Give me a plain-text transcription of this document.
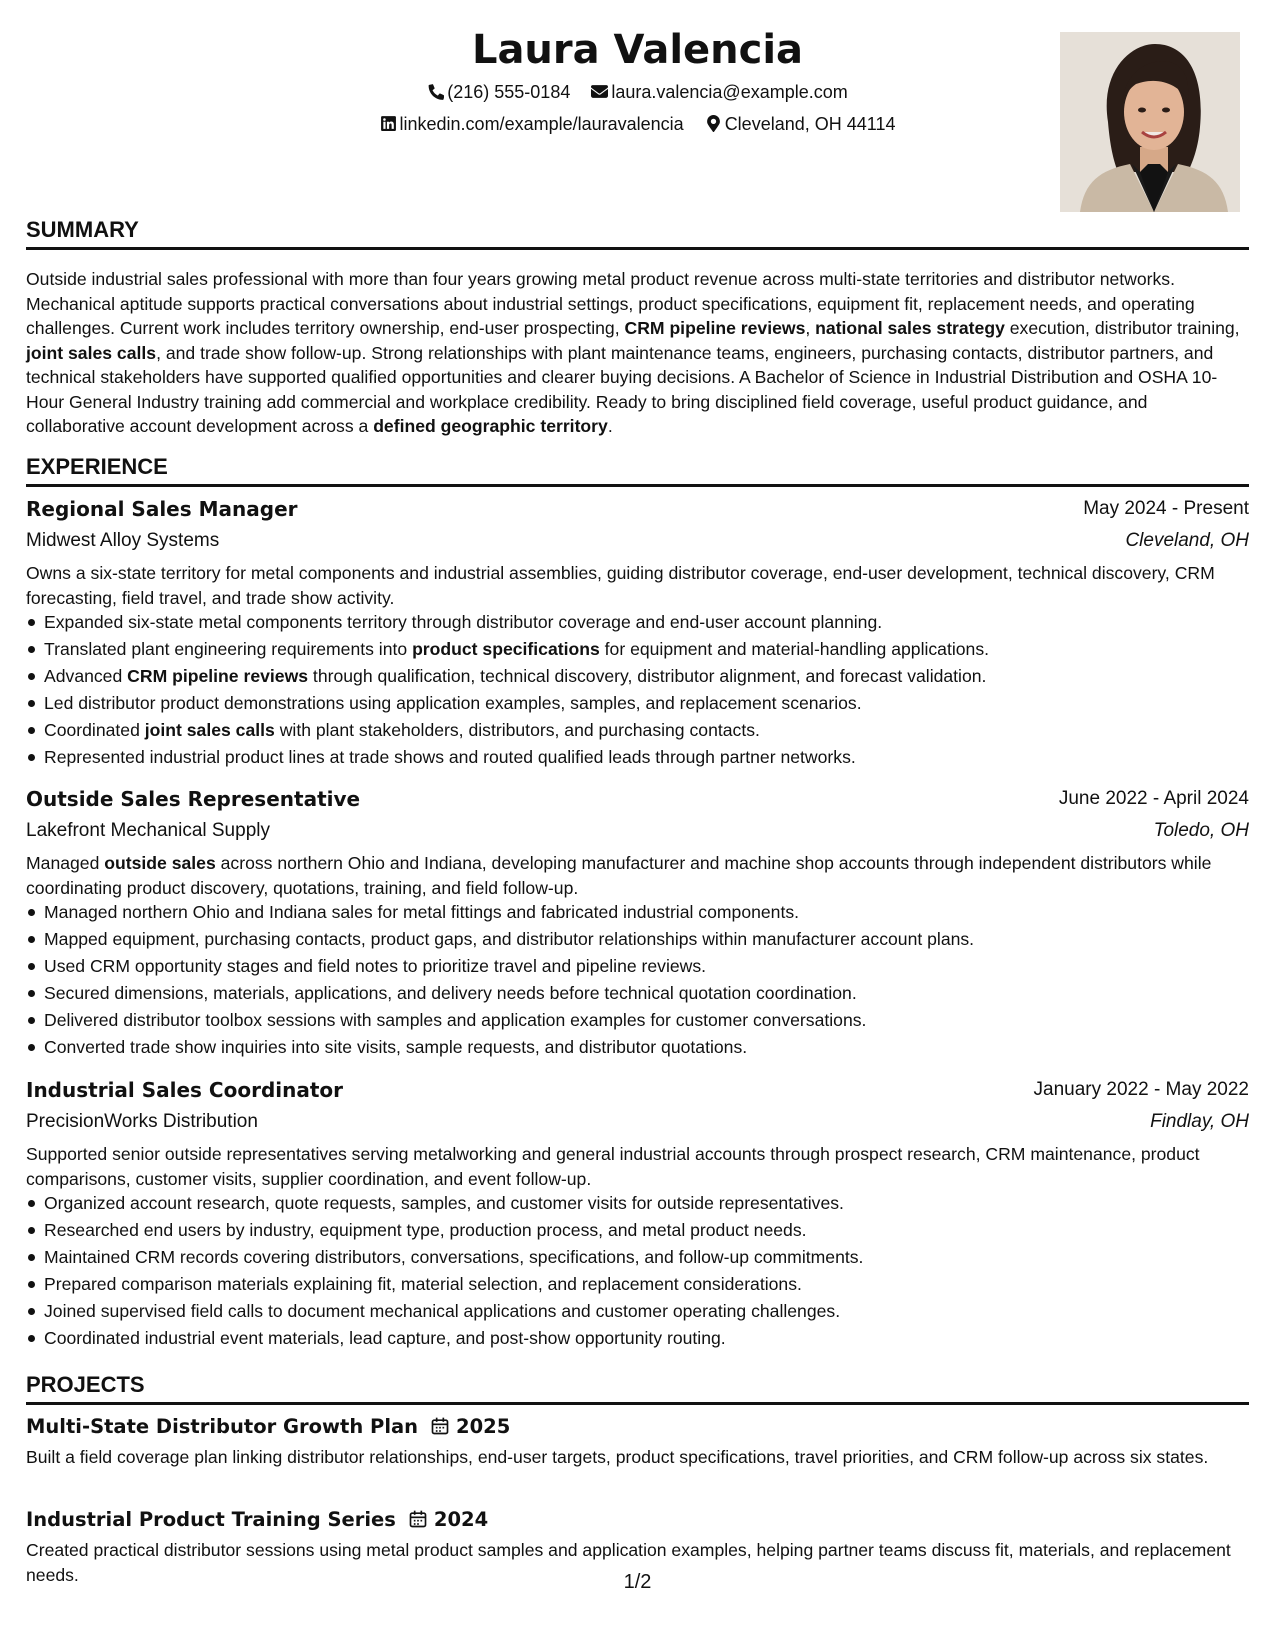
Laura Valencia
(216) 555-0184 laura.valencia@example.com
linkedin.com/example/lauravalencia Cleveland, OH 44114
SUMMARY
Outside industrial sales professional with more than four years growing metal product revenue across multi-state territories and distributor networks. Mechanical aptitude supports practical conversations about industrial settings, product specifications, equipment fit, replacement needs, and operating challenges. Current work includes territory ownership, end-user prospecting, CRM pipeline reviews, national sales strategy execution, distributor training, joint sales calls, and trade show follow-up. Strong relationships with plant maintenance teams, engineers, purchasing contacts, distributor partners, and technical stakeholders have supported qualified opportunities and clearer buying decisions. A Bachelor of Science in Industrial Distribution and OSHA 10-Hour General Industry training add commercial and workplace credibility. Ready to bring disciplined field coverage, useful product guidance, and collaborative account development across a defined geographic territory.
EXPERIENCE
Regional Sales Manager	May 2024 - Present
Midwest Alloy Systems	Cleveland, OH
Owns a six-state territory for metal components and industrial assemblies, guiding distributor coverage, end-user development, technical discovery, CRM forecasting, field travel, and trade show activity.
Expanded six-state metal components territory through distributor coverage and end-user account planning.
Translated plant engineering requirements into product specifications for equipment and material-handling applications.
Advanced CRM pipeline reviews through qualification, technical discovery, distributor alignment, and forecast validation.
Led distributor product demonstrations using application examples, samples, and replacement scenarios.
Coordinated joint sales calls with plant stakeholders, distributors, and purchasing contacts.
Represented industrial product lines at trade shows and routed qualified leads through partner networks.
Outside Sales Representative	June 2022 - April 2024
Lakefront Mechanical Supply	Toledo, OH
Managed outside sales across northern Ohio and Indiana, developing manufacturer and machine shop accounts through independent distributors while coordinating product discovery, quotations, training, and field follow-up.
Managed northern Ohio and Indiana sales for metal fittings and fabricated industrial components.
Mapped equipment, purchasing contacts, product gaps, and distributor relationships within manufacturer account plans.
Used CRM opportunity stages and field notes to prioritize travel and pipeline reviews.
Secured dimensions, materials, applications, and delivery needs before technical quotation coordination.
Delivered distributor toolbox sessions with samples and application examples for customer conversations.
Converted trade show inquiries into site visits, sample requests, and distributor quotations.
Industrial Sales Coordinator	January 2022 - May 2022
PrecisionWorks Distribution	Findlay, OH
Supported senior outside representatives serving metalworking and general industrial accounts through prospect research, CRM maintenance, product comparisons, customer visits, supplier coordination, and event follow-up.
Organized account research, quote requests, samples, and customer visits for outside representatives.
Researched end users by industry, equipment type, production process, and metal product needs.
Maintained CRM records covering distributors, conversations, specifications, and follow-up commitments.
Prepared comparison materials explaining fit, material selection, and replacement considerations.
Joined supervised field calls to document mechanical applications and customer operating challenges.
Coordinated industrial event materials, lead capture, and post-show opportunity routing.
PROJECTS
Multi-State Distributor Growth Plan 2025
Built a field coverage plan linking distributor relationships, end-user targets, product specifications, travel priorities, and CRM follow-up across six states.
Industrial Product Training Series 2024
Created practical distributor sessions using metal product samples and application examples, helping partner teams discuss fit, materials, and replacement needs.	1/2
